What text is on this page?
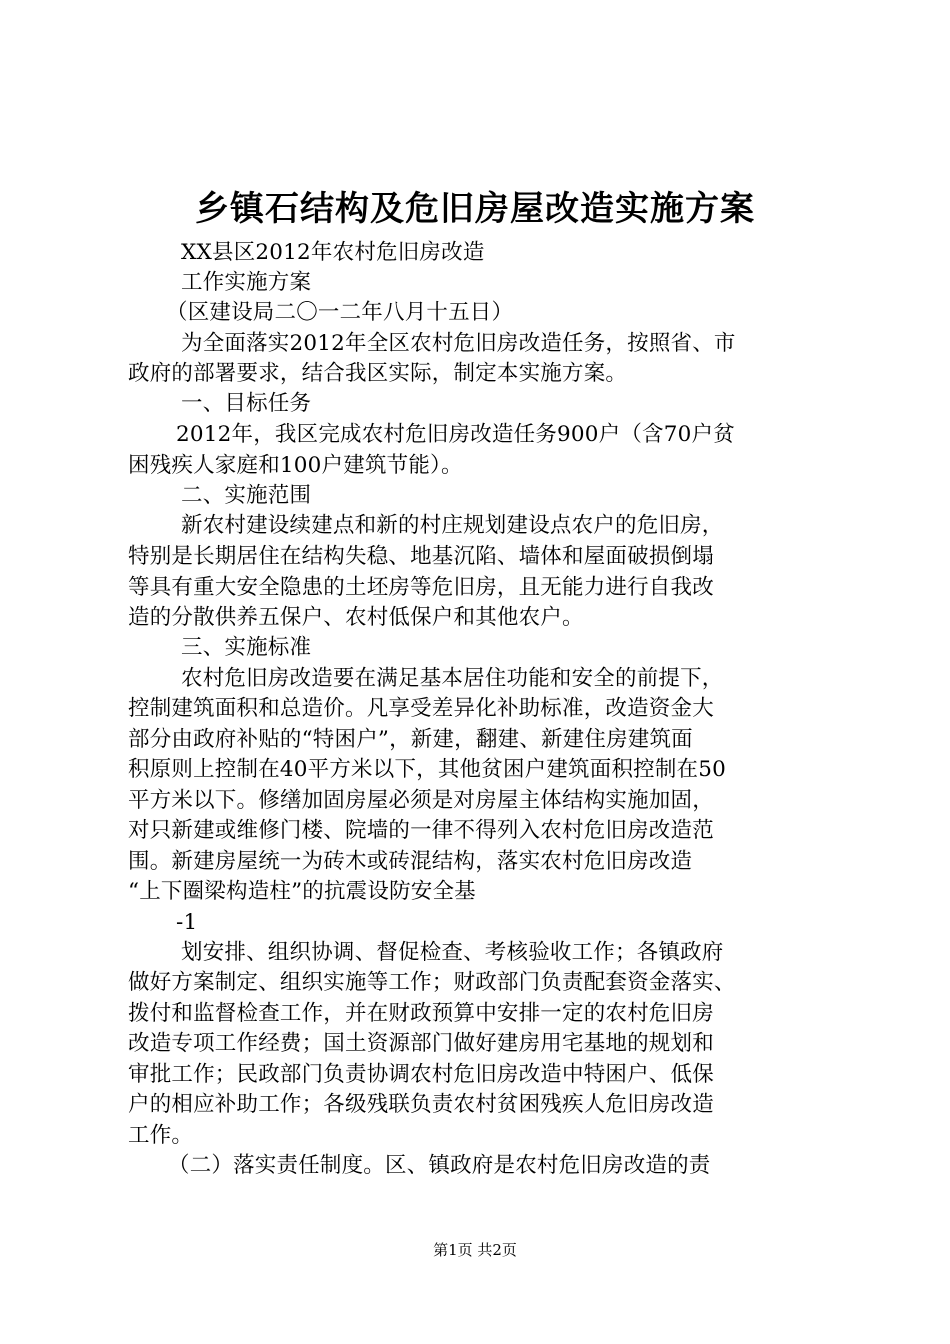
乡镇石结构及危旧房屋改造实施方案
XX县区2012年农村危旧房改造
工作实施方案
（区建设局二〇一二年八月十五日）
为全面落实2012年全区农村危旧房改造任务，按照省、市
政府的部署要求，结合我区实际，制定本实施方案。
一、目标任务
2012年，我区完成农村危旧房改造任务900户（含70户贫
困残疾人家庭和100户建筑节能）。
二、实施范围
新农村建设续建点和新的村庄规划建设点农户的危旧房，
特别是长期居住在结构失稳、地基沉陷、墙体和屋面破损倒塌
等具有重大安全隐患的土坯房等危旧房，且无能力进行自我改
造的分散供养五保户、农村低保户和其他农户。
三、实施标准
农村危旧房改造要在满足基本居住功能和安全的前提下，
控制建筑面积和总造价。凡享受差异化补助标准，改造资金大
部分由政府补贴的“特困户”，新建，翻建、新建住房建筑面
积原则上控制在40平方米以下，其他贫困户建筑面积控制在50
平方米以下。修缮加固房屋必须是对房屋主体结构实施加固，
对只新建或维修门楼、院墙的一律不得列入农村危旧房改造范
围。新建房屋统一为砖木或砖混结构，落实农村危旧房改造
“上下圈梁构造柱”的抗震设防安全基
-1
划安排、组织协调、督促检查、考核验收工作；各镇政府
做好方案制定、组织实施等工作；财政部门负责配套资金落实、
拨付和监督检查工作，并在财政预算中安排一定的农村危旧房
改造专项工作经费；国土资源部门做好建房用宅基地的规划和
审批工作；民政部门负责协调农村危旧房改造中特困户、低保
户的相应补助工作；各级残联负责农村贫困残疾人危旧房改造
工作。
（二）落实责任制度。区、镇政府是农村危旧房改造的责
第1页 共2页
